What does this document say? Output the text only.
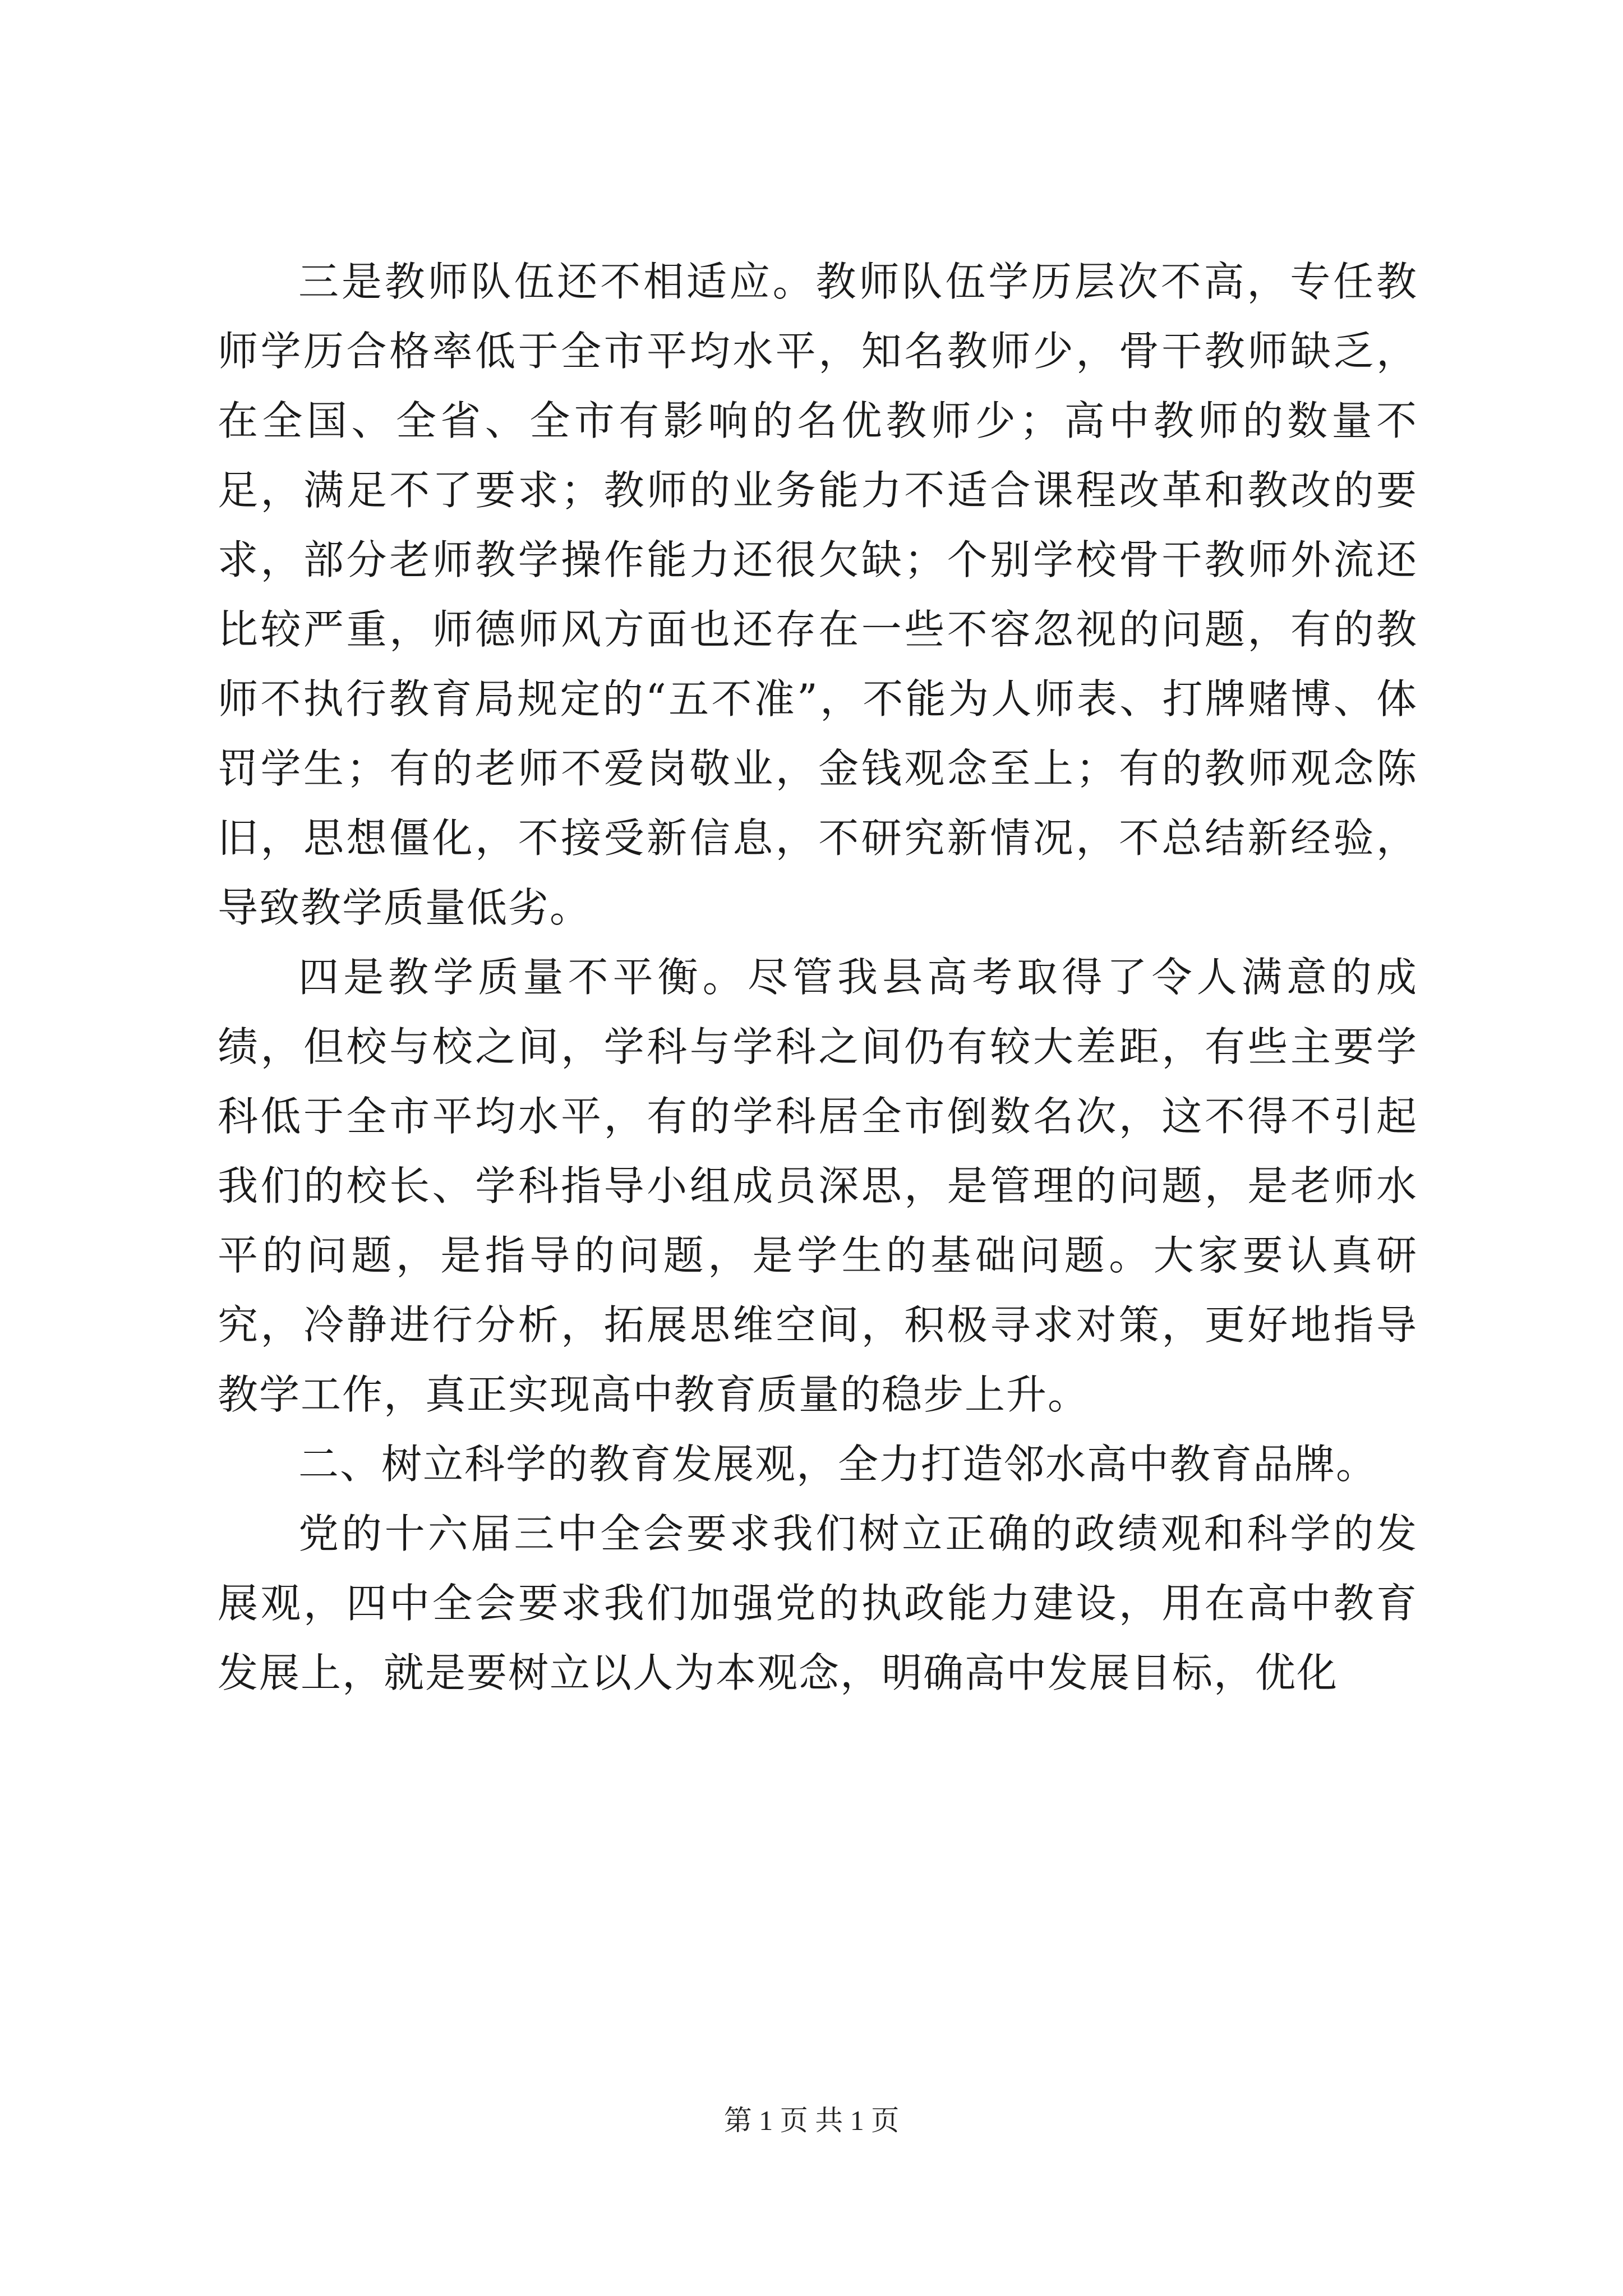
三是教师队伍还不相适应。教师队伍学历层次不高，专任教师学历合格率低于全市平均水平，知名教师少，骨干教师缺乏，在全国、全省、全市有影响的名优教师少；高中教师的数量不足，满足不了要求；教师的业务能力不适合课程改革和教改的要求，部分老师教学操作能力还很欠缺；个别学校骨干教师外流还比较严重，师德师风方面也还存在一些不容忽视的问题，有的教师不执行教育局规定的“五不准”，不能为人师表、打牌赌博、体罚学生；有的老师不爱岗敬业，金钱观念至上；有的教师观念陈旧，思想僵化，不接受新信息，不研究新情况，不总结新经验，导致教学质量低劣。

四是教学质量不平衡。尽管我县高考取得了令人满意的成绩，但校与校之间，学科与学科之间仍有较大差距，有些主要学科低于全市平均水平，有的学科居全市倒数名次，这不得不引起我们的校长、学科指导小组成员深思，是管理的问题，是老师水平的问题，是指导的问题，是学生的基础问题。大家要认真研究，冷静进行分析，拓展思维空间，积极寻求对策，更好地指导教学工作，真正实现高中教育质量的稳步上升。

二、树立科学的教育发展观，全力打造邻水高中教育品牌。

党的十六届三中全会要求我们树立正确的政绩观和科学的发展观，四中全会要求我们加强党的执政能力建设，用在高中教育发展上，就是要树立以人为本观念，明确高中发展目标，优化

第 1 页 共 1 页
